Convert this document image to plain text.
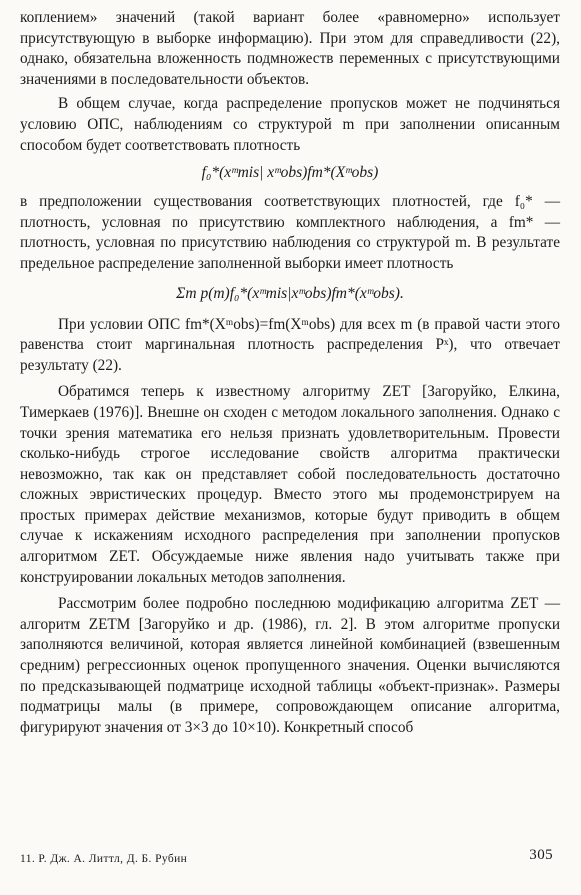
коплением» значений (такой вариант более «равномерно» использует присутствующую в выборке информацию). При этом для справедливости (22), однако, обязательна вложенность подмножеств переменных с присутствующими значениями в последовательности объектов.

В общем случае, когда распределение пропусков может не подчиняться условию ОПС, наблюдениям со структурой m при заполнении описанным способом будет соответствовать плотность

f₀*(xᵐmis| xᵐobs)fm*(Xᵐobs)

в предположении существования соответствующих плотностей, где f₀* — плотность, условная по присутствию комплектного наблюдения, а fm* — плотность, условная по присутствию наблюдения со структурой m. В результате предельное распределение заполненной выборки имеет плотность

Σm p(m)f₀*(xᵐmis|xᵐobs)fm*(xᵐobs).

При условии ОПС fm*(Xᵐobs)=fm(Xᵐobs) для всех m (в правой части этого равенства стоит маргинальная плотность распределения Pˣ), что отвечает результату (22).

Обратимся теперь к известному алгоритму ZET [Загоруйко, Елкина, Тимеркаев (1976)]. Внешне он сходен с методом локального заполнения. Однако с точки зрения математика его нельзя признать удовлетворительным. Провести сколько-нибудь строгое исследование свойств алгоритма практически невозможно, так как он представляет собой последовательность достаточно сложных эвристических процедур. Вместо этого мы продемонстрируем на простых примерах действие механизмов, которые будут приводить в общем случае к искажениям исходного распределения при заполнении пропусков алгоритмом ZET. Обсуждаемые ниже явления надо учитывать также при конструировании локальных методов заполнения.

Рассмотрим более подробно последнюю модификацию алгоритма ZET — алгоритм ZETM [Загоруйко и др. (1986), гл. 2]. В этом алгоритме пропуски заполняются величиной, которая является линейной комбинацией (взвешенным средним) регрессионных оценок пропущенного значения. Оценки вычисляются по предсказывающей подматрице исходной таблицы «объект-признак». Размеры подматрицы малы (в примере, сопровождающем описание алгоритма, фигурируют значения от 3×3 до 10×10). Конкретный способ

11. Р. Дж. А. Литтл, Д. Б. Рубин	305
